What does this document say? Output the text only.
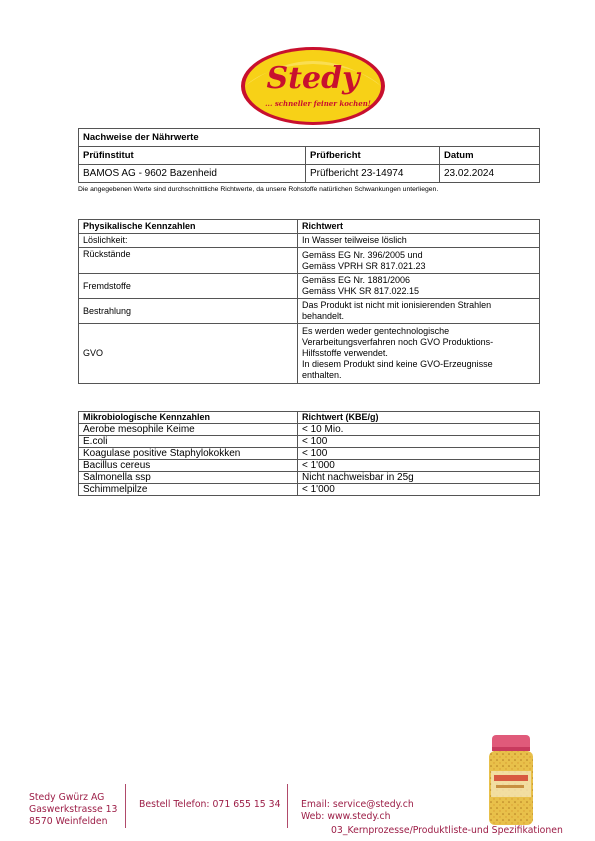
Stedy
... schneller feiner kochen!
Nachweise der Nährwerte		
Prüfinstitut	Prüfbericht	Datum
BAMOS AG - 9602 Bazenheid	Prüfbericht 23-14974	23.02.2024
Die angegebenen Werte sind durchschnittliche Richtwerte, da unsere Rohstoffe natürlichen Schwankungen unterliegen.
Physikalische Kennzahlen	Richtwert
Löslichkeit:	In Wasser teilweise löslich
Rückstände	Gemäss EG Nr. 396/2005 und
Gemäss VPRH SR 817.021.23
Fremdstoffe	Gemäss EG Nr. 1881/2006
Gemäss VHK SR 817.022.15
Bestrahlung	Das Produkt ist nicht mit ionisierenden Strahlen
behandelt.
GVO	Es werden weder gentechnologische
Verarbeitungsverfahren noch GVO Produktions-
Hilfsstoffe verwendet.
In diesem Produkt sind keine GVO-Erzeugnisse
enthalten.
Mikrobiologische Kennzahlen	Richtwert (KBE/g)
Aerobe mesophile Keime	< 10 Mio.
E.coli	< 100
Koagulase positive Staphylokokken	< 100
Bacillus cereus	< 1'000
Salmonella ssp	Nicht nachweisbar in 25g
Schimmelpilze	< 1'000
Stedy Gwürz AG
Gaswerkstrasse 13
8570 Weinfelden
Bestell Telefon: 071 655 15 34 Email: service@stedy.ch
Web: www.stedy.ch
03_Kernprozesse/Produktliste-und Spezifikationen
